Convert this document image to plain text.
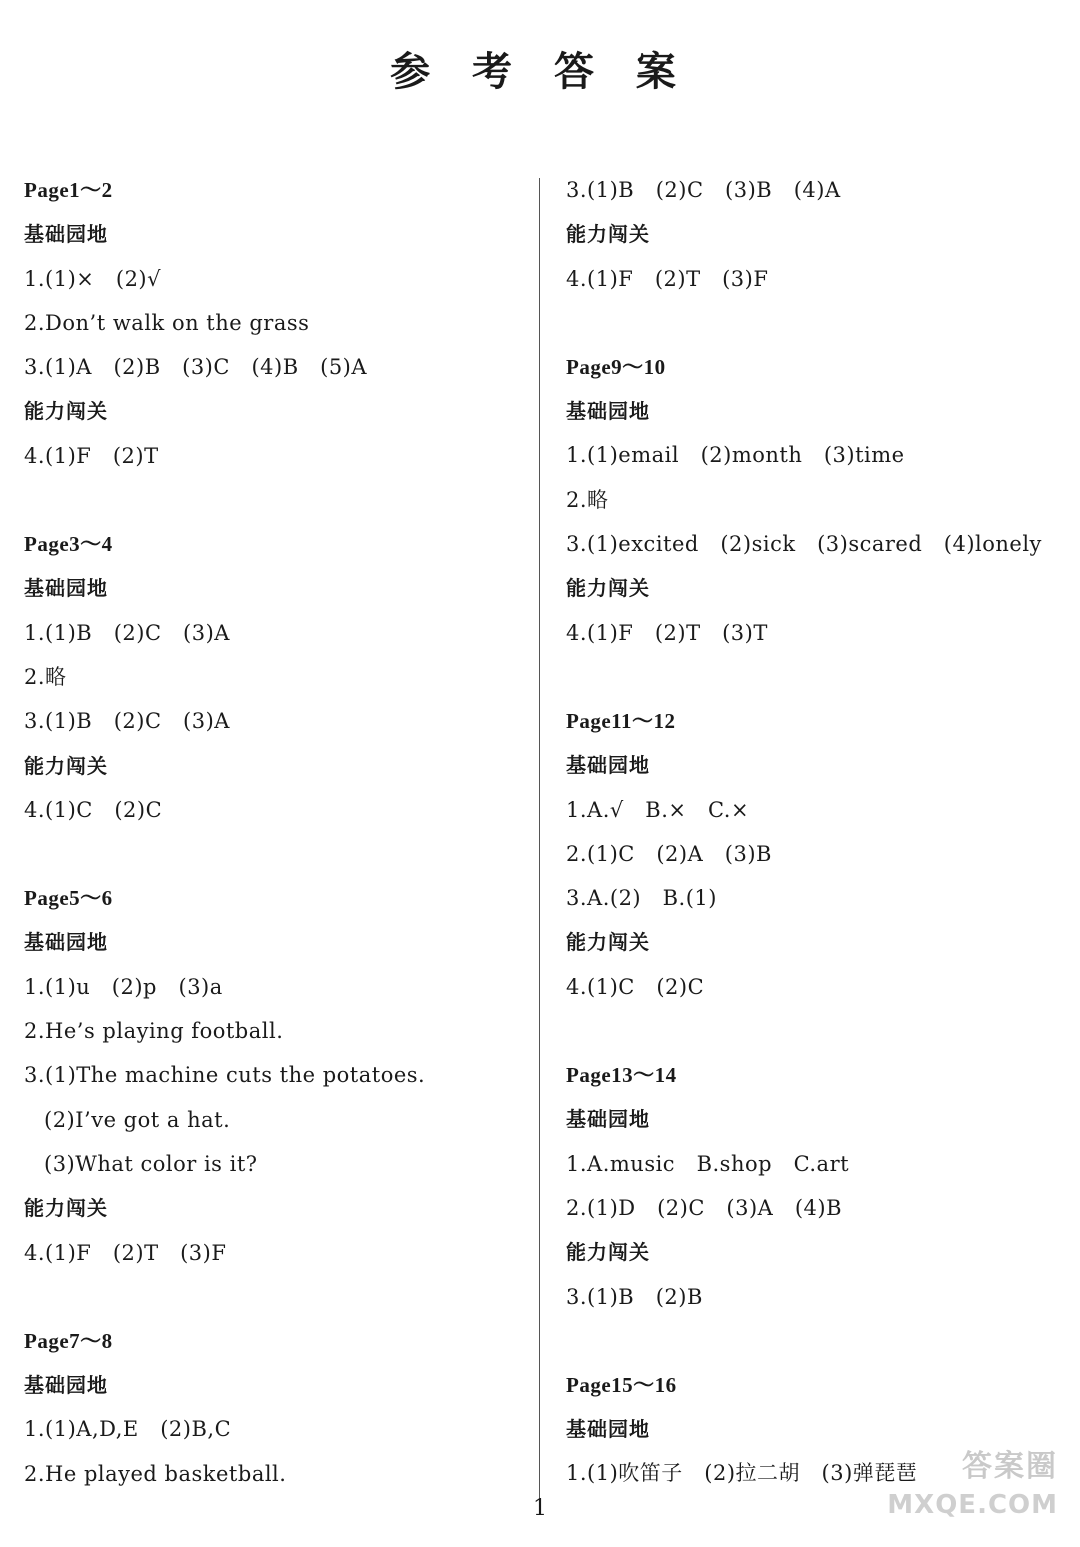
参 考 答 案
Page1～2
基础园地
1.(1)×　(2)√
2.Don’t walk on the grass
3.(1)A　(2)B　(3)C　(4)B　(5)A
能力闯关
4.(1)F　(2)T
Page3～4
基础园地
1.(1)B　(2)C　(3)A
2.略
3.(1)B　(2)C　(3)A
能力闯关
4.(1)C　(2)C
Page5～6
基础园地
1.(1)u　(2)p　(3)a
2.He’s playing football.
3.(1)The machine cuts the potatoes.
(2)I’ve got a hat.
(3)What color is it?
能力闯关
4.(1)F　(2)T　(3)F
Page7～8
基础园地
1.(1)A,D,E　(2)B,C
2.He played basketball.
3.(1)B　(2)C　(3)B　(4)A
能力闯关
4.(1)F　(2)T　(3)F
Page9～10
基础园地
1.(1)email　(2)month　(3)time
2.略
3.(1)excited　(2)sick　(3)scared　(4)lonely
能力闯关
4.(1)F　(2)T　(3)T
Page11～12
基础园地
1.A.√　B.×　C.×
2.(1)C　(2)A　(3)B
3.A.(2)　B.(1)
能力闯关
4.(1)C　(2)C
Page13～14
基础园地
1.A.music　B.shop　C.art
2.(1)D　(2)C　(3)A　(4)B
能力闯关
3.(1)B　(2)B
Page15～16
基础园地
1.(1)吹笛子　(2)拉二胡　(3)弹琵琶
1
答案圈
MXQE.COM
